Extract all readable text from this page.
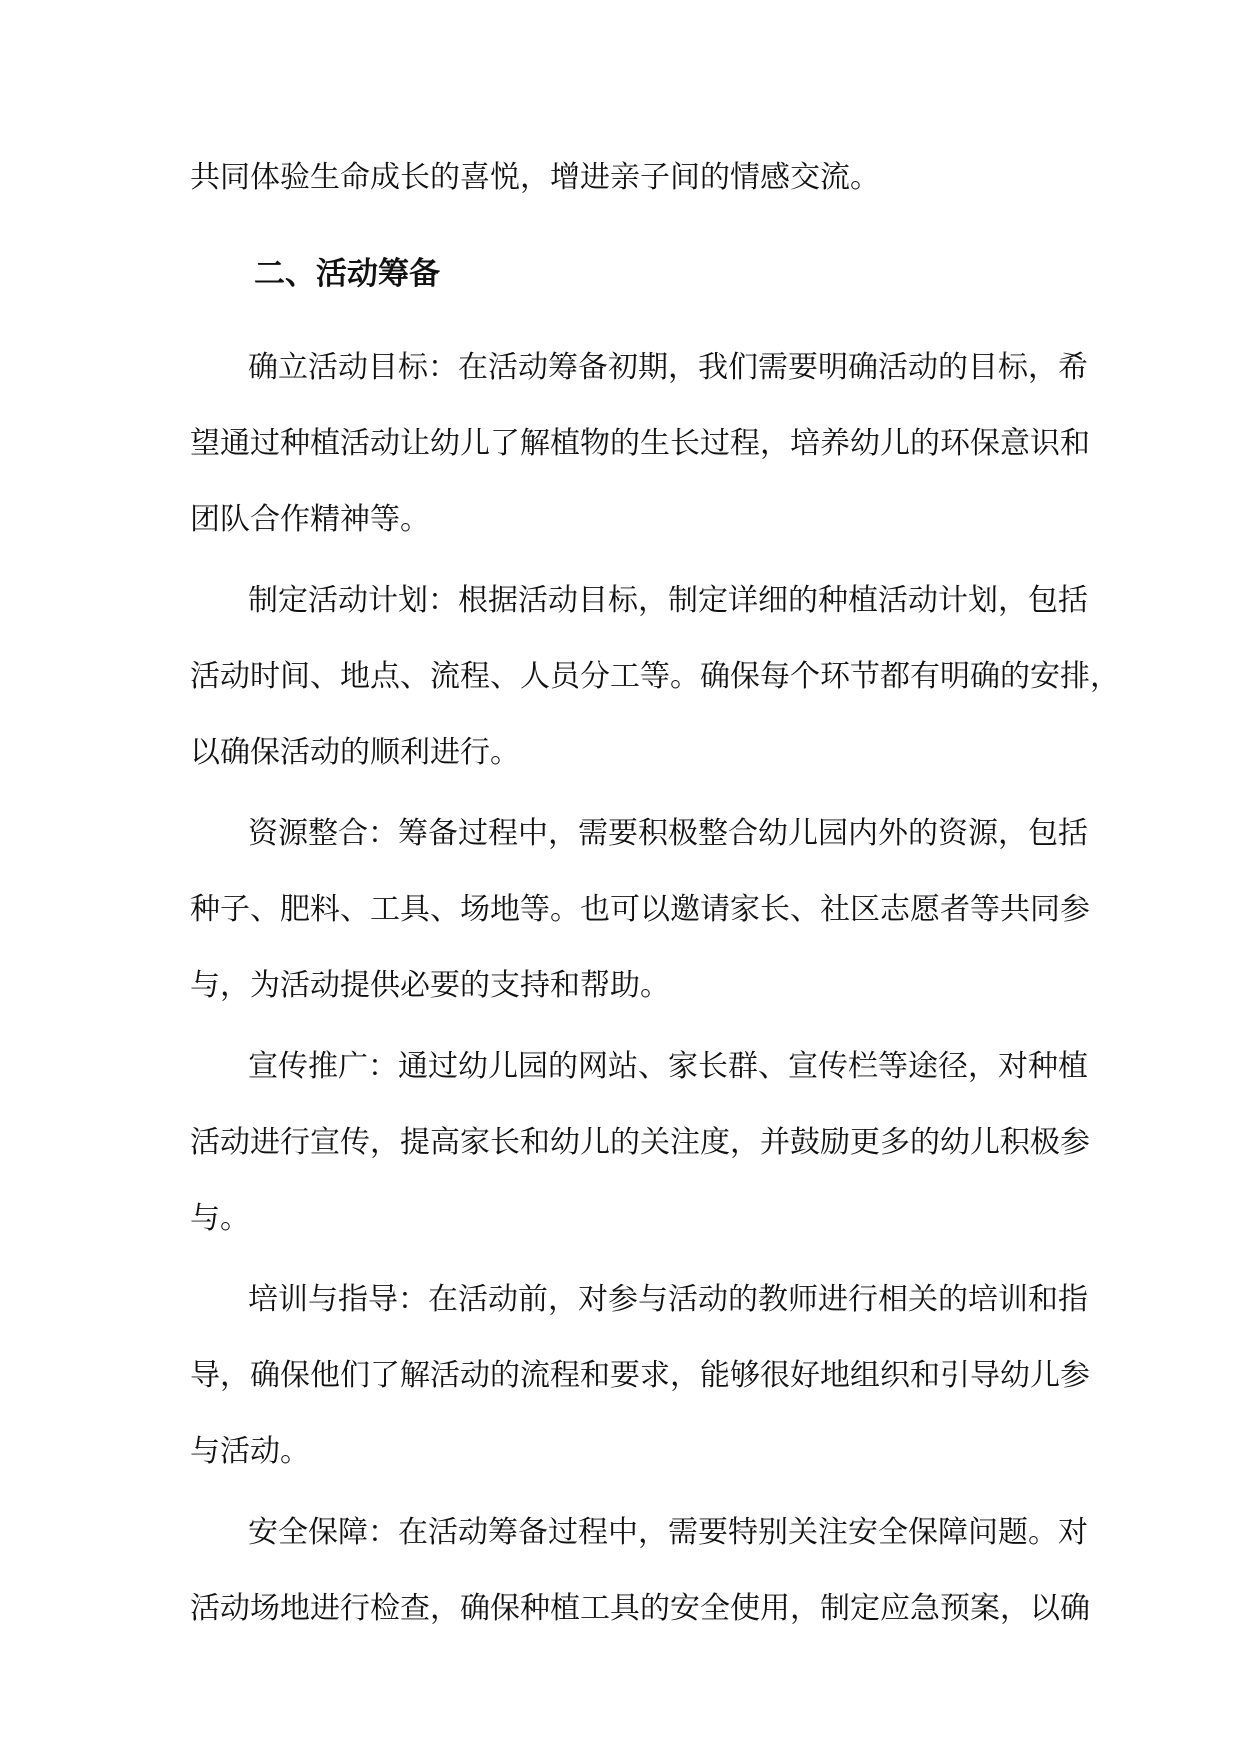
共同体验生命成长的喜悦，增进亲子间的情感交流。
二、活动筹备
确立活动目标：在活动筹备初期，我们需要明确活动的目标，希
望通过种植活动让幼儿了解植物的生长过程，培养幼儿的环保意识和
团队合作精神等。
制定活动计划：根据活动目标，制定详细的种植活动计划，包括
活动时间、地点、流程、人员分工等。确保每个环节都有明确的安排，
以确保活动的顺利进行。
资源整合：筹备过程中，需要积极整合幼儿园内外的资源，包括
种子、肥料、工具、场地等。也可以邀请家长、社区志愿者等共同参
与，为活动提供必要的支持和帮助。
宣传推广：通过幼儿园的网站、家长群、宣传栏等途径，对种植
活动进行宣传，提高家长和幼儿的关注度，并鼓励更多的幼儿积极参
与。
培训与指导：在活动前，对参与活动的教师进行相关的培训和指
导，确保他们了解活动的流程和要求，能够很好地组织和引导幼儿参
与活动。
安全保障：在活动筹备过程中，需要特别关注安全保障问题。对
活动场地进行检查，确保种植工具的安全使用，制定应急预案，以确
